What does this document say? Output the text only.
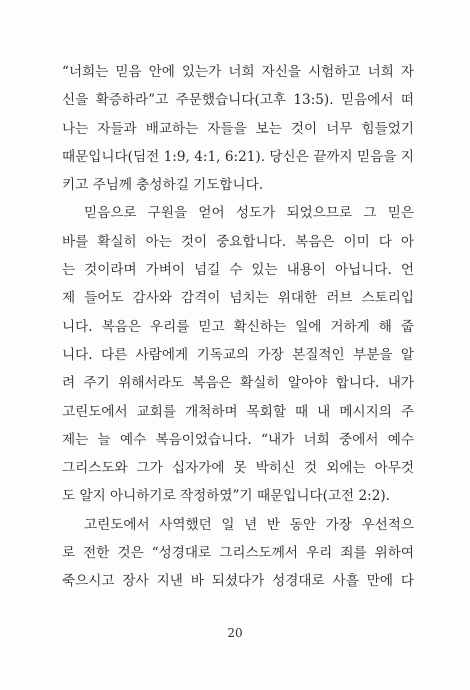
“너희는 믿음 안에 있는가 너희 자신을 시험하고 너희 자
신을 확증하라”고 주문했습니다(고후 13:5). 믿음에서 떠
나는 자들과 배교하는 자들을 보는 것이 너무 힘들었기
때문입니다(딤전 1:9, 4:1, 6:21). 당신은 끝까지 믿음을 지
키고 주님께 충성하길 기도합니다.
믿음으로 구원을 얻어 성도가 되었으므로 그 믿은
바를 확실히 아는 것이 중요합니다. 복음은 이미 다 아
는 것이라며 가벼이 넘길 수 있는 내용이 아닙니다. 언
제 들어도 감사와 감격이 넘치는 위대한 러브 스토리입
니다. 복음은 우리를 믿고 확신하는 일에 거하게 해 줍
니다. 다른 사람에게 기독교의 가장 본질적인 부분을 알
려 주기 위해서라도 복음은 확실히 알아야 합니다. 내가
고린도에서 교회를 개척하며 목회할 때 내 메시지의 주
제는 늘 예수 복음이었습니다. “내가 너희 중에서 예수
그리스도와 그가 십자가에 못 박히신 것 외에는 아무것
도 알지 아니하기로 작정하였”기 때문입니다(고전 2:2).
고린도에서 사역했던 일 년 반 동안 가장 우선적으
로 전한 것은 “성경대로 그리스도께서 우리 죄를 위하여
죽으시고 장사 지낸 바 되셨다가 성경대로 사흘 만에 다
20
